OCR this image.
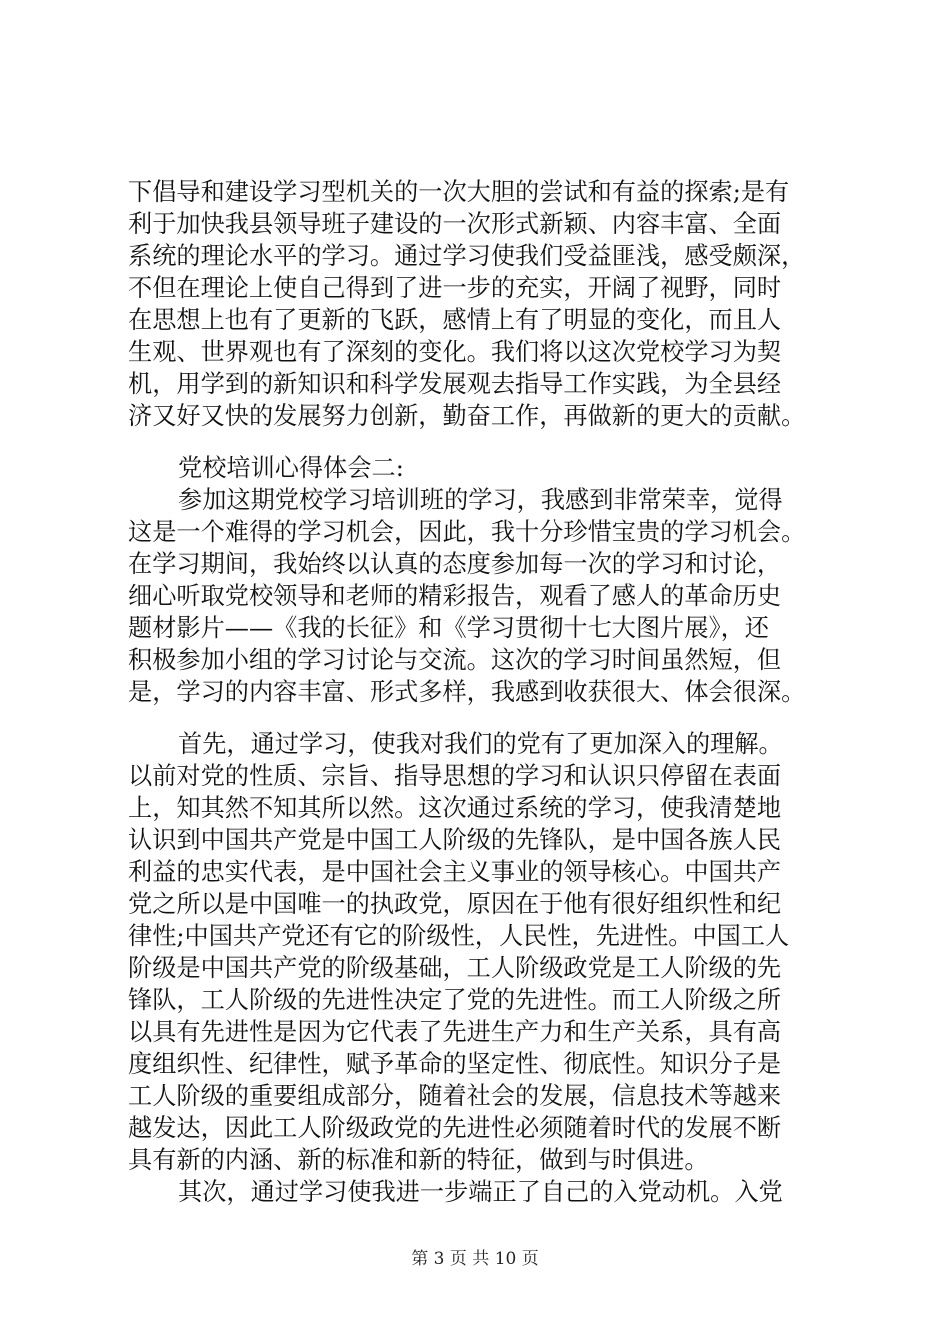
下倡导和建设学习型机关的一次大胆的尝试和有益的探索;是有
利于加快我县领导班子建设的一次形式新颖、内容丰富、全面
系统的理论水平的学习。通过学习使我们受益匪浅，感受颇深，
不但在理论上使自己得到了进一步的充实，开阔了视野，同时
在思想上也有了更新的飞跃，感情上有了明显的变化，而且人
生观、世界观也有了深刻的变化。我们将以这次党校学习为契
机，用学到的新知识和科学发展观去指导工作实践，为全县经
济又好又快的发展努力创新，勤奋工作，再做新的更大的贡献。
党校培训心得体会二:
参加这期党校学习培训班的学习，我感到非常荣幸，觉得
这是一个难得的学习机会，因此，我十分珍惜宝贵的学习机会。
在学习期间，我始终以认真的态度参加每一次的学习和讨论，
细心听取党校领导和老师的精彩报告，观看了感人的革命历史
题材影片——《我的长征》和《学习贯彻十七大图片展》，还
积极参加小组的学习讨论与交流。这次的学习时间虽然短，但
是，学习的内容丰富、形式多样，我感到收获很大、体会很深。
首先，通过学习，使我对我们的党有了更加深入的理解。
以前对党的性质、宗旨、指导思想的学习和认识只停留在表面
上，知其然不知其所以然。这次通过系统的学习，使我清楚地
认识到中国共产党是中国工人阶级的先锋队，是中国各族人民
利益的忠实代表，是中国社会主义事业的领导核心。中国共产
党之所以是中国唯一的执政党，原因在于他有很好组织性和纪
律性;中国共产党还有它的阶级性，人民性，先进性。中国工人
阶级是中国共产党的阶级基础，工人阶级政党是工人阶级的先
锋队，工人阶级的先进性决定了党的先进性。而工人阶级之所
以具有先进性是因为它代表了先进生产力和生产关系，具有高
度组织性、纪律性，赋予革命的坚定性、彻底性。知识分子是
工人阶级的重要组成部分，随着社会的发展，信息技术等越来
越发达，因此工人阶级政党的先进性必须随着时代的发展不断
具有新的内涵、新的标准和新的特征，做到与时俱进。
其次，通过学习使我进一步端正了自己的入党动机。入党
第 3 页 共 10 页
